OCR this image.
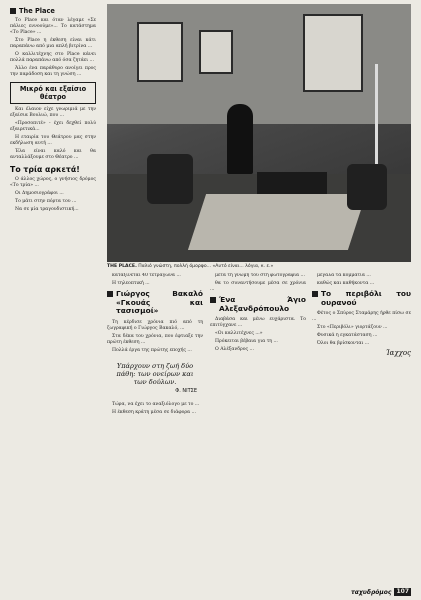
The Place

Το Place και όταν λέγαμε «Σε πάλιες εννοούμε»... Το κατάστημα «Το Place» ...

Στο Place η έκθεση είναι κάτι παραπάνω από μια απλή βιτρίνα ...

Ο καλλιτέχνης στο Place κάνει πολλά παραπάνω από όσα ζητάει ...

Άλλο ένα παράθυρο ανοίγει προς την παράδοση και τη γνώση ...

Μικρό και εξαίσιο θέατρο

Και έλαιον είχε γνωριμιά με την εξαίσια Βουλιώ, που ...

«Προσοπιτέ» - έχει δεχθεί πολύ εξαιρετικά...

Η εταιρία του Θεάτρου μας στην εκδήλωση αυτή ...

Έλα είναι καλό και θα ανταλλάξουμε στο Θέατρο ...

Το τρία αρκετά!

Ο άλλος χώρος, ο γνήσιος δρόμος «Το τρία» ...

Οι Δημοσιογράφοι ...

Το μάτι στην πόρτα του ...

Να σε μία τραγουδιστική...

THE PLACE. Παλιό γνώστη, πολλή όμορφο... «Αυτό είναι... λόγια, κ. ε.»

καταξίνεται 40 τετράγωνα ...

Η τηλεοπτική ...

Γιώργος Βακαλό «Γκουάς και τασισμοί»

Τη κέρδισε χρόνια πιό από τη ζωγραφική ο Γιώργος Βακαλό, ...

Στα δέκα του χρόνια, που έφτιαξε την πρώτη έκθεση ...

Πολλά έργα της πρώτης εποχής ...

Υπάρχουν στη ζωή δύο πάθη: των ονείρων και των δούλων.
Φ. ΝΙΤΣΕ

Τώρα, να έχει το αναξιόλογο με το ...

Η έκθεση κράτη μέσα σε διάφορα ...

μετά τη γνώμη του στη φωτογραφία ...

θα το συναντήσουμε μέσα σε χρόνια ...

Ένα Άγιο Αλεξανδρόπουλο

Διαβάσα και μένω ευχάριστα. Το επιτύγχανε ...

«Οι καλλιτέχνες ...»

Πρόκειται βέβαια για τη ...

Ο Αλέξανδρος ...

μεγάλα τα κομμάτια ...

καθώς και καθήκοντα ...

Το περιβόλι του ουρανού

Φέτος ο Σπύρος Σταμάρης ήρθε πίσω σε ...

Στο «Περιβόλι» γιορτάζουν ...

Φυσικά η εγκατάσταση ...

Όλοι θα βρίσκονται ...

Ίαχχος
ταχυδρόμος 107
